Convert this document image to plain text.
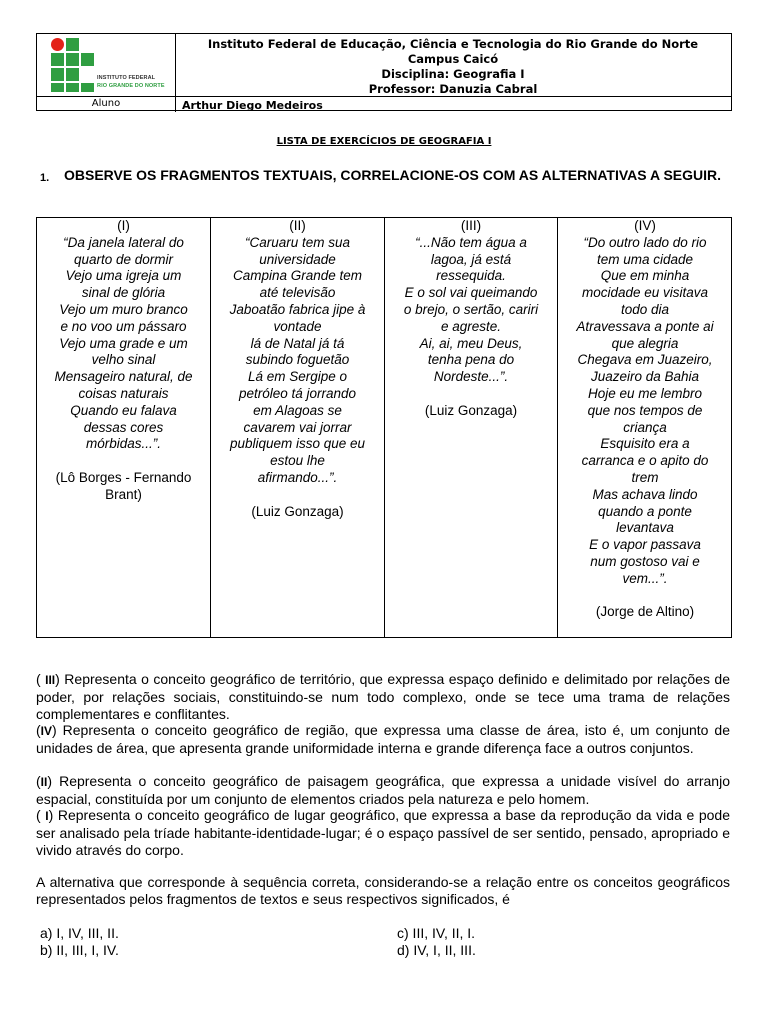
INSTITUTO FEDERAL
RIO GRANDE DO NORTE
Instituto Federal de Educação, Ciência e Tecnologia do Rio Grande do Norte
Campus Caicó
Disciplina: Geografia I
Professor: Danuzia Cabral
Aluno	Arthur Diego Medeiros
LISTA DE EXERCÍCIOS DE GEOGRAFIA I
1. OBSERVE OS FRAGMENTOS TEXTUAIS, CORRELACIONE-OS COM AS ALTERNATIVAS A SEGUIR.
(I)
“Da janela lateral do
quarto de dormir
Vejo uma igreja um
sinal de glória
Vejo um muro branco
e no voo um pássaro
Vejo uma grade e um
velho sinal
Mensageiro natural, de
coisas naturais
Quando eu falava
dessas cores
mórbidas...”.
(Lô Borges - Fernando
Brant)
(II)
“Caruaru tem sua
universidade
Campina Grande tem
até televisão
Jaboatão fabrica jipe à
vontade
lá de Natal já tá
subindo foguetão
Lá em Sergipe o
petróleo tá jorrando
em Alagoas se
cavarem vai jorrar
publiquem isso que eu
estou lhe
afirmando...”.
(Luiz Gonzaga)
(III)
“...Não tem água a
lagoa, já está
ressequida.
E o sol vai queimando
o brejo, o sertão, cariri
e agreste.
Ai, ai, meu Deus,
tenha pena do
Nordeste...”.
(Luiz Gonzaga)
(IV)
“Do outro lado do rio
tem uma cidade
Que em minha
mocidade eu visitava
todo dia
Atravessava a ponte ai
que alegria
Chegava em Juazeiro,
Juazeiro da Bahia
Hoje eu me lembro
que nos tempos de
criança
Esquisito era a
carranca e o apito do
trem
Mas achava lindo
quando a ponte
levantava
E o vapor passava
num gostoso vai e
vem...”.
(Jorge de Altino)
( III) Representa o conceito geográfico de território, que expressa espaço definido e delimitado por relações de poder, por relações sociais, constituindo-se num todo complexo, onde se tece uma trama de relações complementares e conflitantes.
(IV) Representa o conceito geográfico de região, que expressa uma classe de área, isto é, um conjunto de unidades de área, que apresenta grande uniformidade interna e grande diferença face a outros conjuntos.
(II) Representa o conceito geográfico de paisagem geográfica, que expressa a unidade visível do arranjo espacial, constituída por um conjunto de elementos criados pela natureza e pelo homem.
( I) Representa o conceito geográfico de lugar geográfico, que expressa a base da reprodução da vida e pode ser analisado pela tríade habitante-identidade-lugar; é o espaço passível de ser sentido, pensado, apropriado e vivido através do corpo.
A alternativa que corresponde à sequência correta, considerando-se a relação entre os conceitos geográficos representados pelos fragmentos de textos e seus respectivos significados, é
a) I, IV, III, II.
b) II, III, I, IV.
c) III, IV, II, I.
d) IV, I, II, III.
